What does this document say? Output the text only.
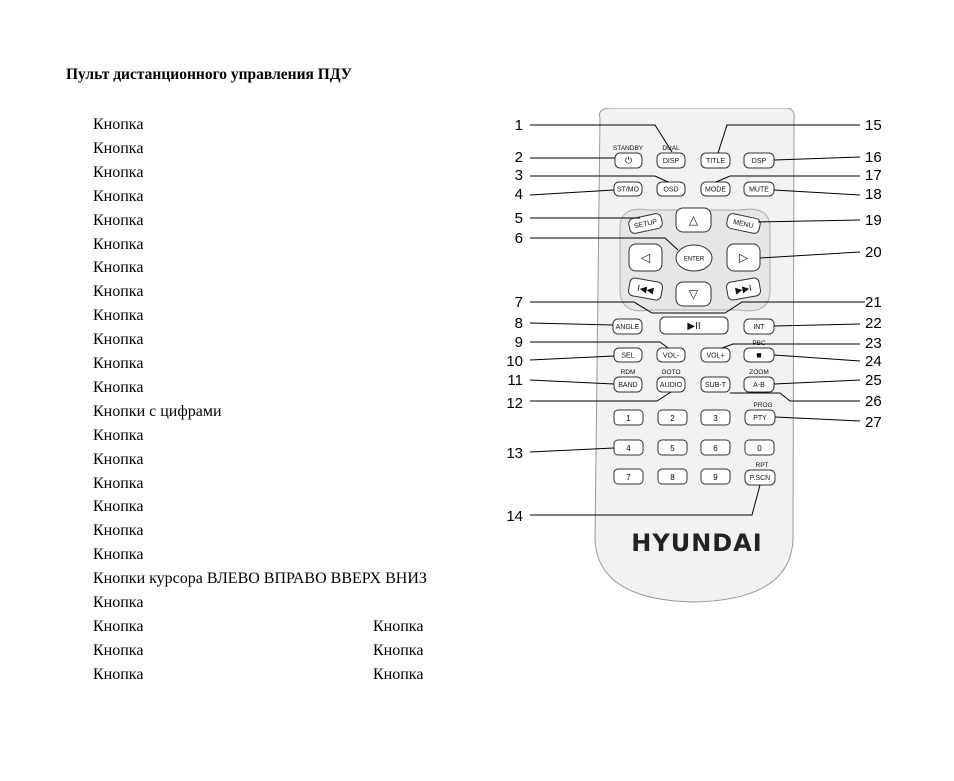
Пульт дистанционного управления ПДУ
Кнопка
Кнопка
Кнопка
Кнопка
Кнопка
Кнопка
Кнопка
Кнопка
Кнопка
Кнопка
Кнопка
Кнопка
Кнопки с цифрами
Кнопка
Кнопка
Кнопка
Кнопка
Кнопка
Кнопка
Кнопки курсора ВЛЕВО ВПРАВО ВВЕРХ ВНИЗ
Кнопка
Кнопка	Кнопка
Кнопка	Кнопка
Кнопка	Кнопка
STANDBY	DUAL
⏻	DISP	TITLE	DSP
ST/MO	OSD	MODE	MUTE
SETUP	MENU
△
◁	▷
▽
I◀◀	▶▶I
ENTER
ANGLE	▶II	INT
PBC
SEL	VOL-	VOL+	■
RDM	GOTO	ZOOM
BAND	AUDIO	SUB-T	A-B
PROG
1	2	3	PTY
4	5	6	0
7	8	9
RPT
P.SCN
1
2
3
4
5
6
7
8
9
10
11
12
13
14
15
16
17
18
19
20
21
22
23
24
25
26
27
HYUNDAI
